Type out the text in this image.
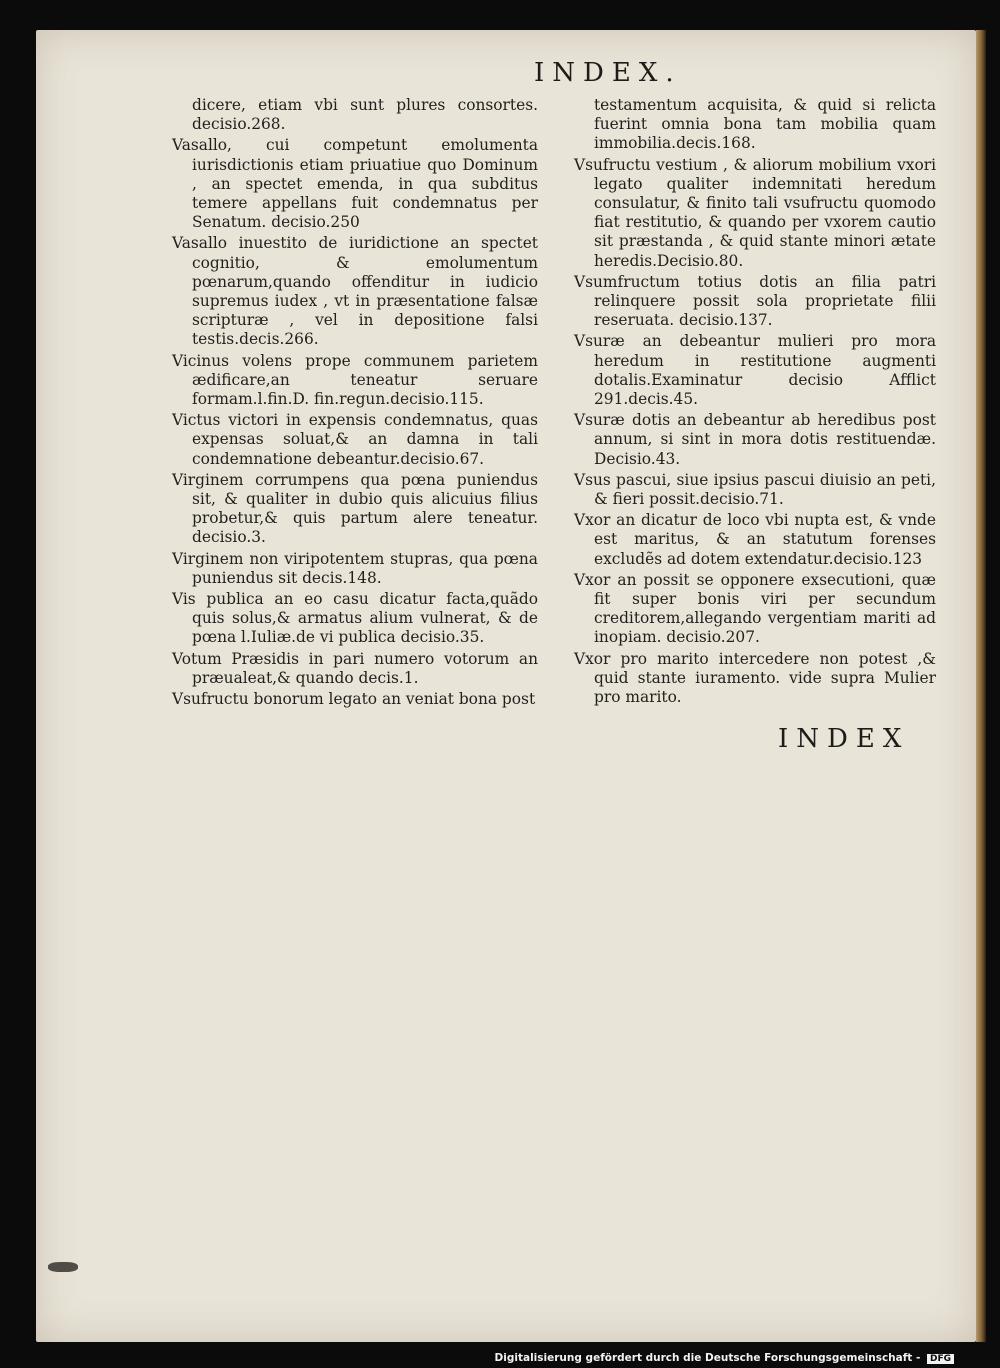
INDEX.

dicere, etiam vbi sunt plures consortes. decisio.268.

Vasallo, cui competunt emolumenta iurisdictionis etiam priuatiue quo Dominum , an spectet emenda, in qua subditus temere appellans fuit condemnatus per Senatum. decisio.250

Vasallo inuestito de iuridictione an spectet cognitio, & emolumentum pœnarum,quando offenditur in iudicio supremus iudex , vt in præsentatione falsæ scripturæ , vel in depositione falsi testis.decis.266.

Vicinus volens prope communem parietem ædificare,an teneatur seruare formam.l.fin.D. fin.regun.decisio.115.

Victus victori in expensis condemnatus, quas expensas soluat,& an damna in tali condemnatione debeantur.decisio.67.

Virginem corrumpens qua pœna puniendus sit, & qualiter in dubio quis alicuius filius probetur,& quis partum alere teneatur. decisio.3.

Virginem non viripotentem stupras, qua pœna puniendus sit decis.148.

Vis publica an eo casu dicatur facta,quãdo quis solus,& armatus alium vulnerat, & de pœna l.Iuliæ.de vi publica decisio.35.

Votum Præsidis in pari numero votorum an præualeat,& quando decis.1.

Vsufructu bonorum legato an veniat bona post

testamentum acquisita, & quid si relicta fuerint omnia bona tam mobilia quam immobilia.decis.168.

Vsufructu vestium , & aliorum mobilium vxori legato qualiter indemnitati heredum consulatur, & finito tali vsufructu quomodo fiat restitutio, & quando per vxorem cautio sit præstanda , & quid stante minori ætate heredis.Decisio.80.

Vsumfructum totius dotis an filia patri relinquere possit sola proprietate filii reseruata. decisio.137.

Vsuræ an debeantur mulieri pro mora heredum in restitutione augmenti dotalis.Examinatur decisio Afflict 291.decis.45.

Vsuræ dotis an debeantur ab heredibus post annum, si sint in mora dotis restituendæ. Decisio.43.

Vsus pascui, siue ipsius pascui diuisio an peti, & fieri possit.decisio.71.

Vxor an dicatur de loco vbi nupta est, & vnde est maritus, & an statutum forenses excludẽs ad dotem extendatur.decisio.123

Vxor an possit se opponere exsecutioni, quæ fit super bonis viri per secundum creditorem,allegando vergentiam mariti ad inopiam. decisio.207.

Vxor pro marito intercedere non potest ,& quid stante iuramento. vide supra Mulier pro marito.

INDEX
Digitalisierung gefördert durch die Deutsche Forschungsgemeinschaft - DFG
